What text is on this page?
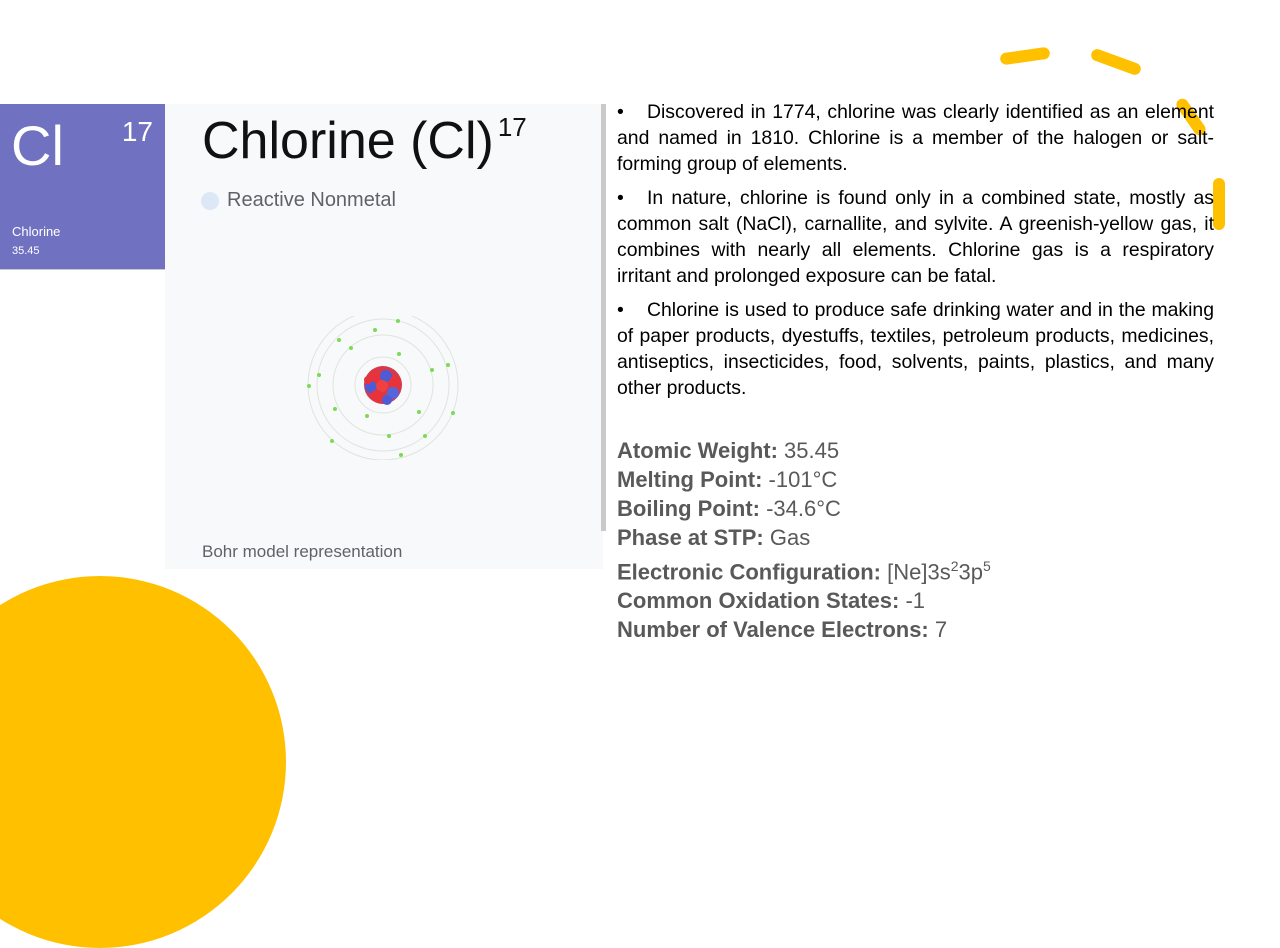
Cl 17
Chlorine
35.45
Chlorine (Cl) $^{17}$
Reactive Nonmetal
Bohr model representation

• Discovered in 1774, chlorine was clearly identified as an element and named in 1810. Chlorine is a member of the halogen or salt-forming group of elements.

• In nature, chlorine is found only in a combined state, mostly as common salt (NaCl), carnallite, and sylvite. A greenish-yellow gas, it combines with nearly all elements. Chlorine gas is a respiratory irritant and prolonged exposure can be fatal.

• Chlorine is used to produce safe drinking water and in the making of paper products, dyestuffs, textiles, petroleum products, medicines, antiseptics, insecticides, food, solvents, paints, plastics, and many other products.

Atomic Weight: 35.45
Melting Point: -101°C
Boiling Point: -34.6°C
Phase at STP: Gas
Electronic Configuration: $[Ne]3s^23p^5$
Common Oxidation States: -1
Number of Valence Electrons: 7
